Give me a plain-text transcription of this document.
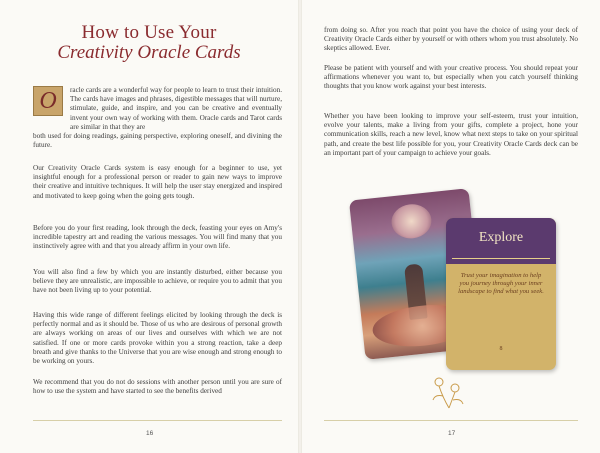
How to Use Your
Creativity Oracle Cards
O	racle cards are a wonderful way for people to learn to trust their intuition. The cards have images and phrases, digestible messages that will nurture, stimulate, guide, and inspire, and you can be creative and eventually invent your own way of working with them. Oracle cards and Tarot cards are similar in that they are

both used for doing readings, gaining perspective, exploring oneself, and divining the future.

Our Creativity Oracle Cards system is easy enough for a beginner to use, yet insightful enough for a professional person or reader to gain new ways to improve their creative and intuitive techniques. It will help the user stay energized and inspired and motivated to keep going when the going gets tough.

Before you do your first reading, look through the deck, feasting your eyes on Amy's incredible tapestry art and reading the various messages. You will find many that you instinctively agree with and that you already affirm in your own life.

You will also find a few by which you are instantly disturbed, either because you believe they are unrealistic, are impossible to achieve, or require you to admit that you have not been living up to your potential.

Having this wide range of different feelings elicited by looking through the deck is perfectly normal and as it should be. Those of us who are desirous of personal growth are always working on areas of our lives and ourselves with which we are not satisfied. If one or more cards provoke within you a strong reaction, take a deep breath and give thanks to the Universe that you are wise enough and strong enough to be working on yours.

We recommend that you do not do sessions with another person until you are sure of how to use the system and have started to see the benefits derived

16

from doing so. After you reach that point you have the choice of using your deck of Creativity Oracle Cards either by yourself or with others whom you trust absolutely. No skeptics allowed. Ever.

Please be patient with yourself and with your creative process. You should repeat your affirmations whenever you want to, but especially when you catch yourself thinking thoughts that you know work against your best interests.

Whether you have been looking to improve your self-esteem, trust your intuition, evolve your talents, make a living from your gifts, complete a project, hone your communication skills, reach a new level, know what next steps to take on your spiritual path, and create the best life possible for you, your Creativity Oracle Cards deck can be an important part of your campaign to achieve your goals.

17
Explore
Trust your imagination to help you journey through your inner landscape to find what you seek.
8
